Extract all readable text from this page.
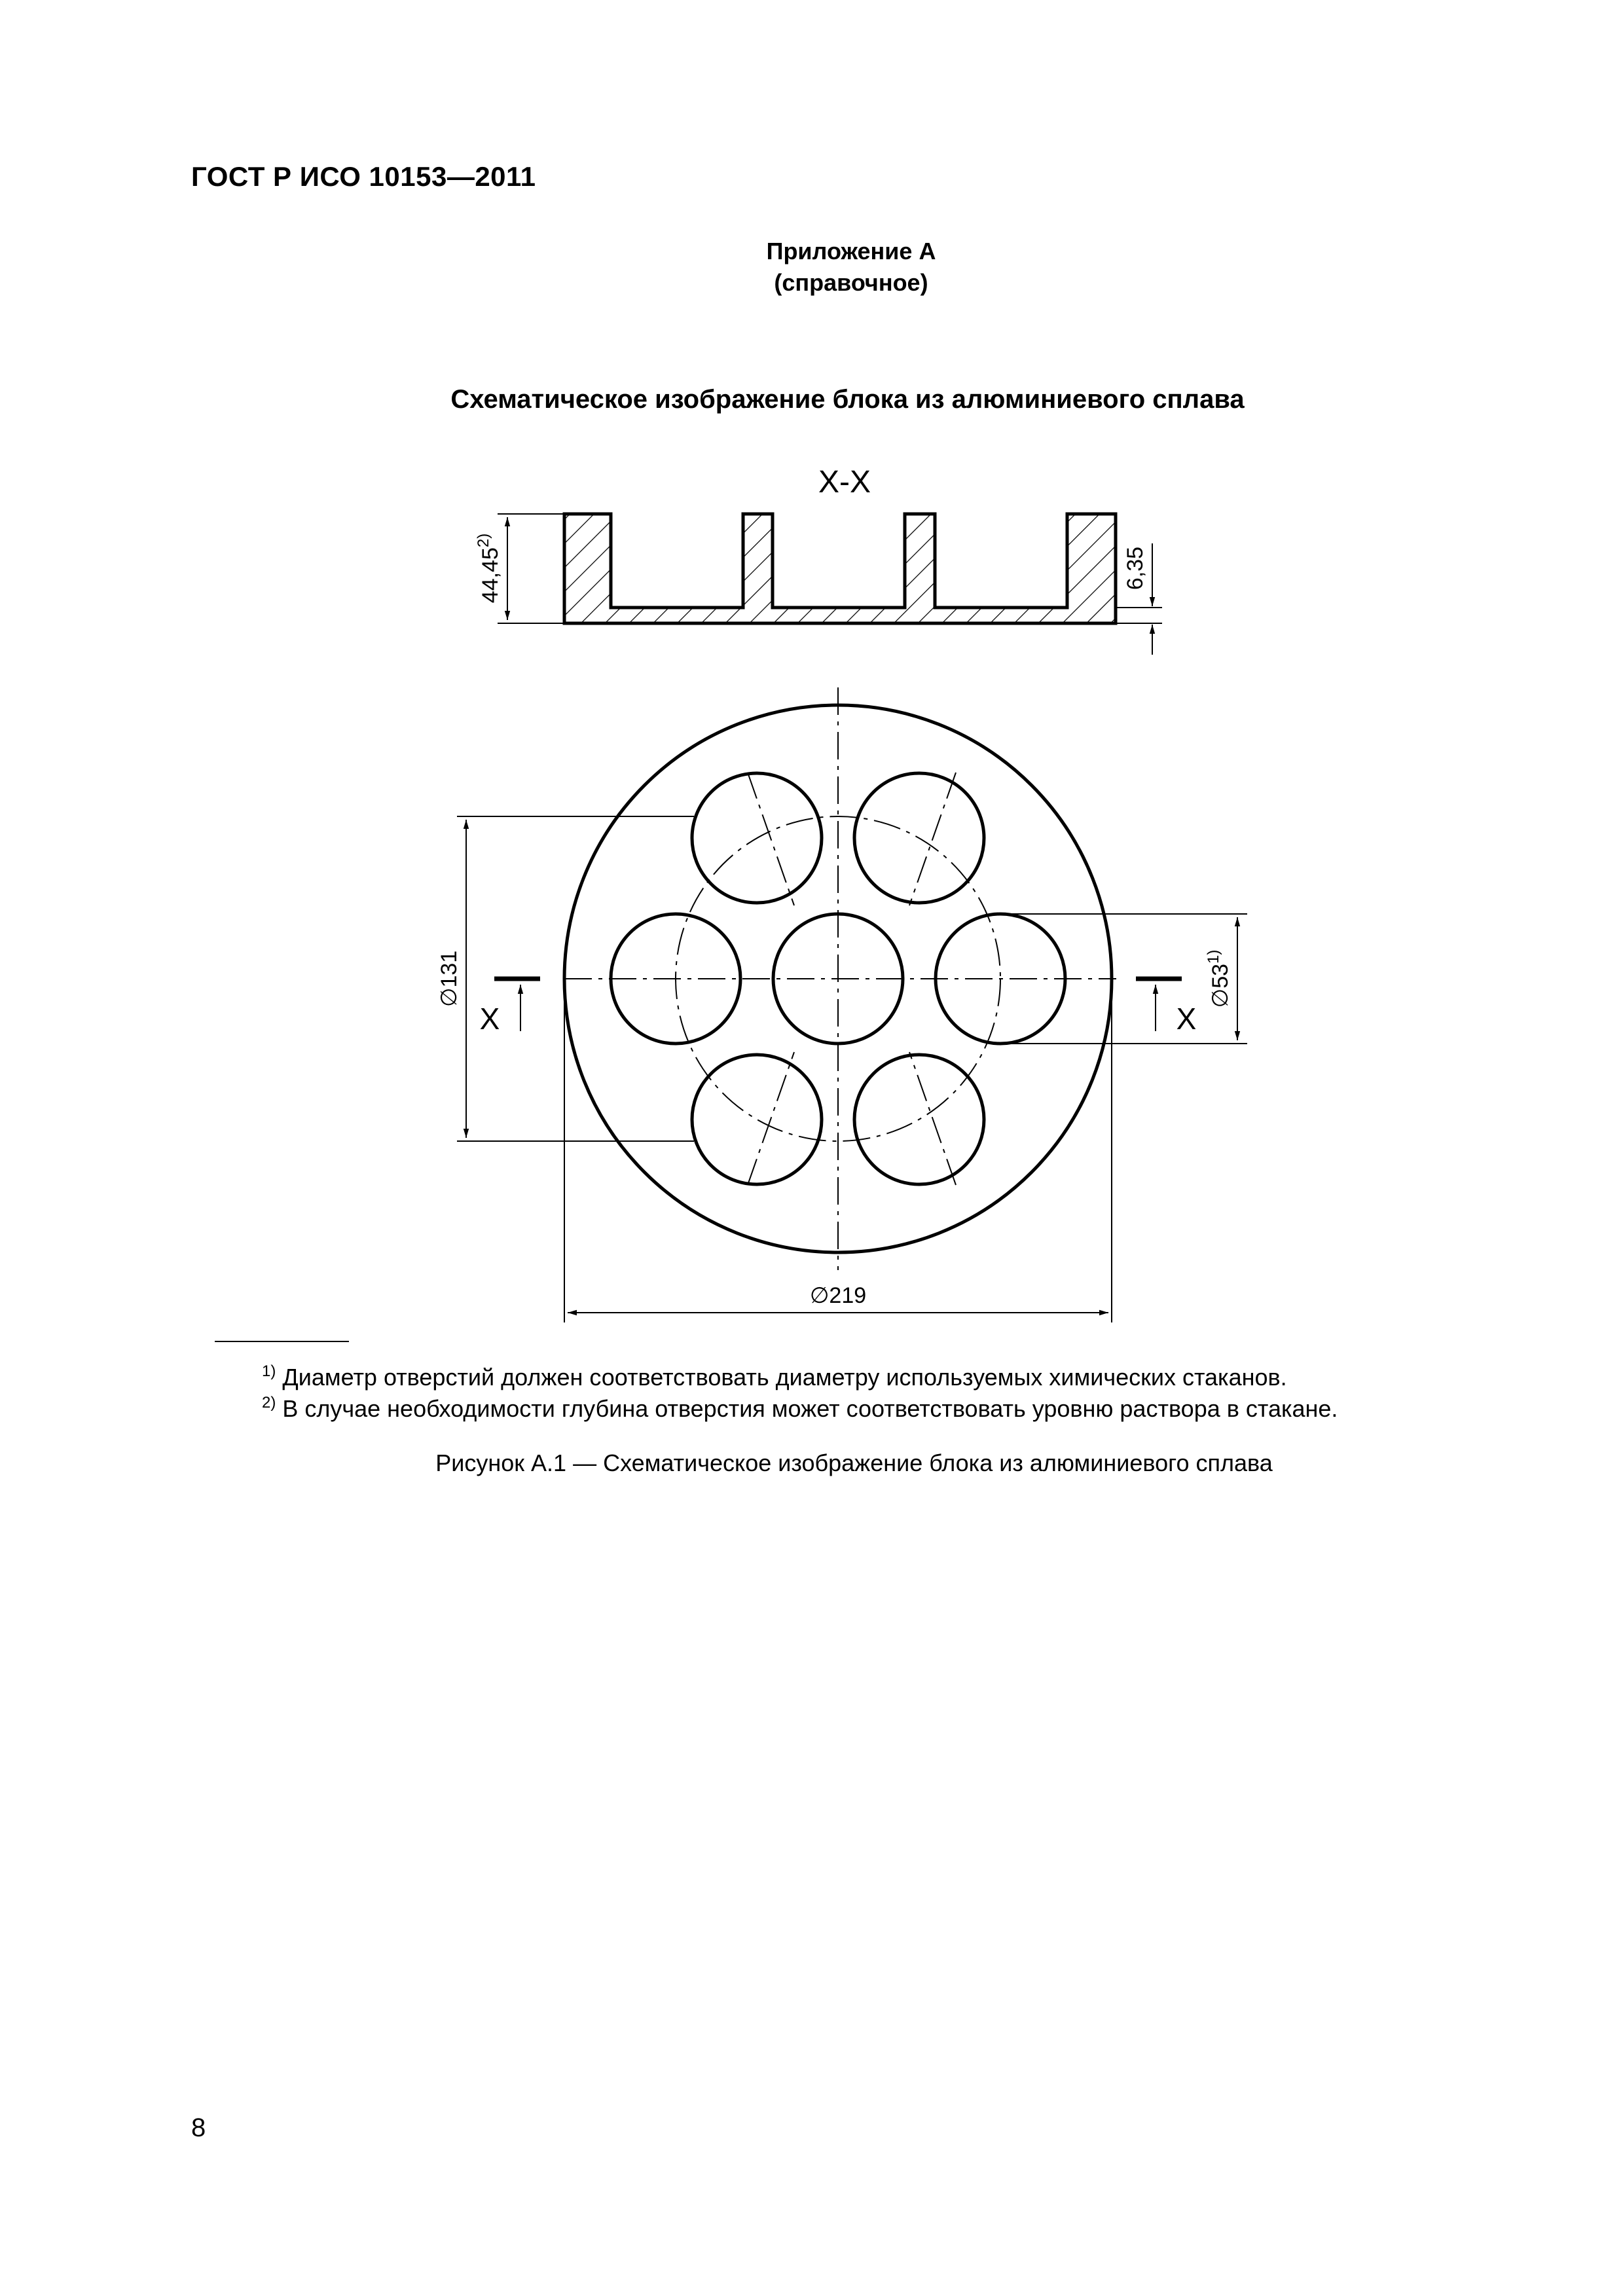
ГОСТ Р ИСО 10153—2011
Приложение А
(справочное)
Схематическое изображение блока из алюминиевого сплава
X-X
44,45$^{2)}$
6,35
∅131	∅53$^{1)}$
∅219
X	X
$^{1)}$ Диаметр отверстий должен соответствовать диаметру используемых химических стаканов.
$^{2)}$ В случае необходимости глубина отверстия может соответствовать уровню раствора в стакане.
Рисунок А.1 — Схематическое изображение блока из алюминиевого сплава
8
